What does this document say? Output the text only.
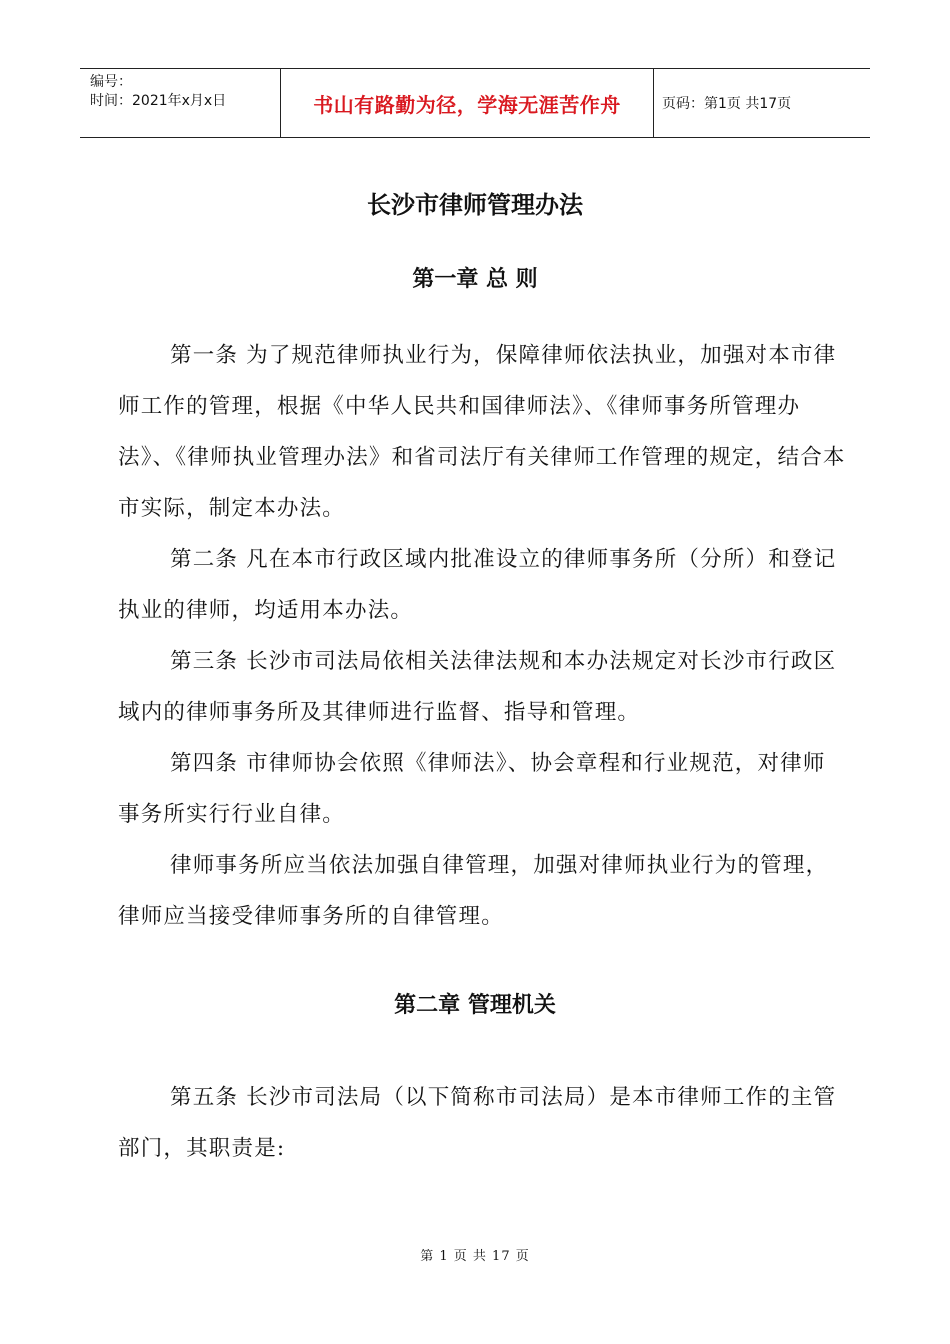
编号：
时间：2021年x月x日	书山有路勤为径，学海无涯苦作舟	页码：第1页 共17页
长沙市律师管理办法
第一章 总 则

第一条 为了规范律师执业行为，保障律师依法执业，加强对本市律师工作的管理，根据《中华人民共和国律师法》、《律师事务所管理办法》、《律师执业管理办法》和省司法厅有关律师工作管理的规定，结合本市实际，制定本办法。

第二条 凡在本市行政区域内批准设立的律师事务所（分所）和登记执业的律师，均适用本办法。

第三条 长沙市司法局依相关法律法规和本办法规定对长沙市行政区域内的律师事务所及其律师进行监督、指导和管理。

第四条 市律师协会依照《律师法》、协会章程和行业规范，对律师事务所实行行业自律。

律师事务所应当依法加强自律管理，加强对律师执业行为的管理，律师应当接受律师事务所的自律管理。

第二章 管理机关

第五条 长沙市司法局（以下简称市司法局）是本市律师工作的主管部门，其职责是:

第 1 页 共 17 页
